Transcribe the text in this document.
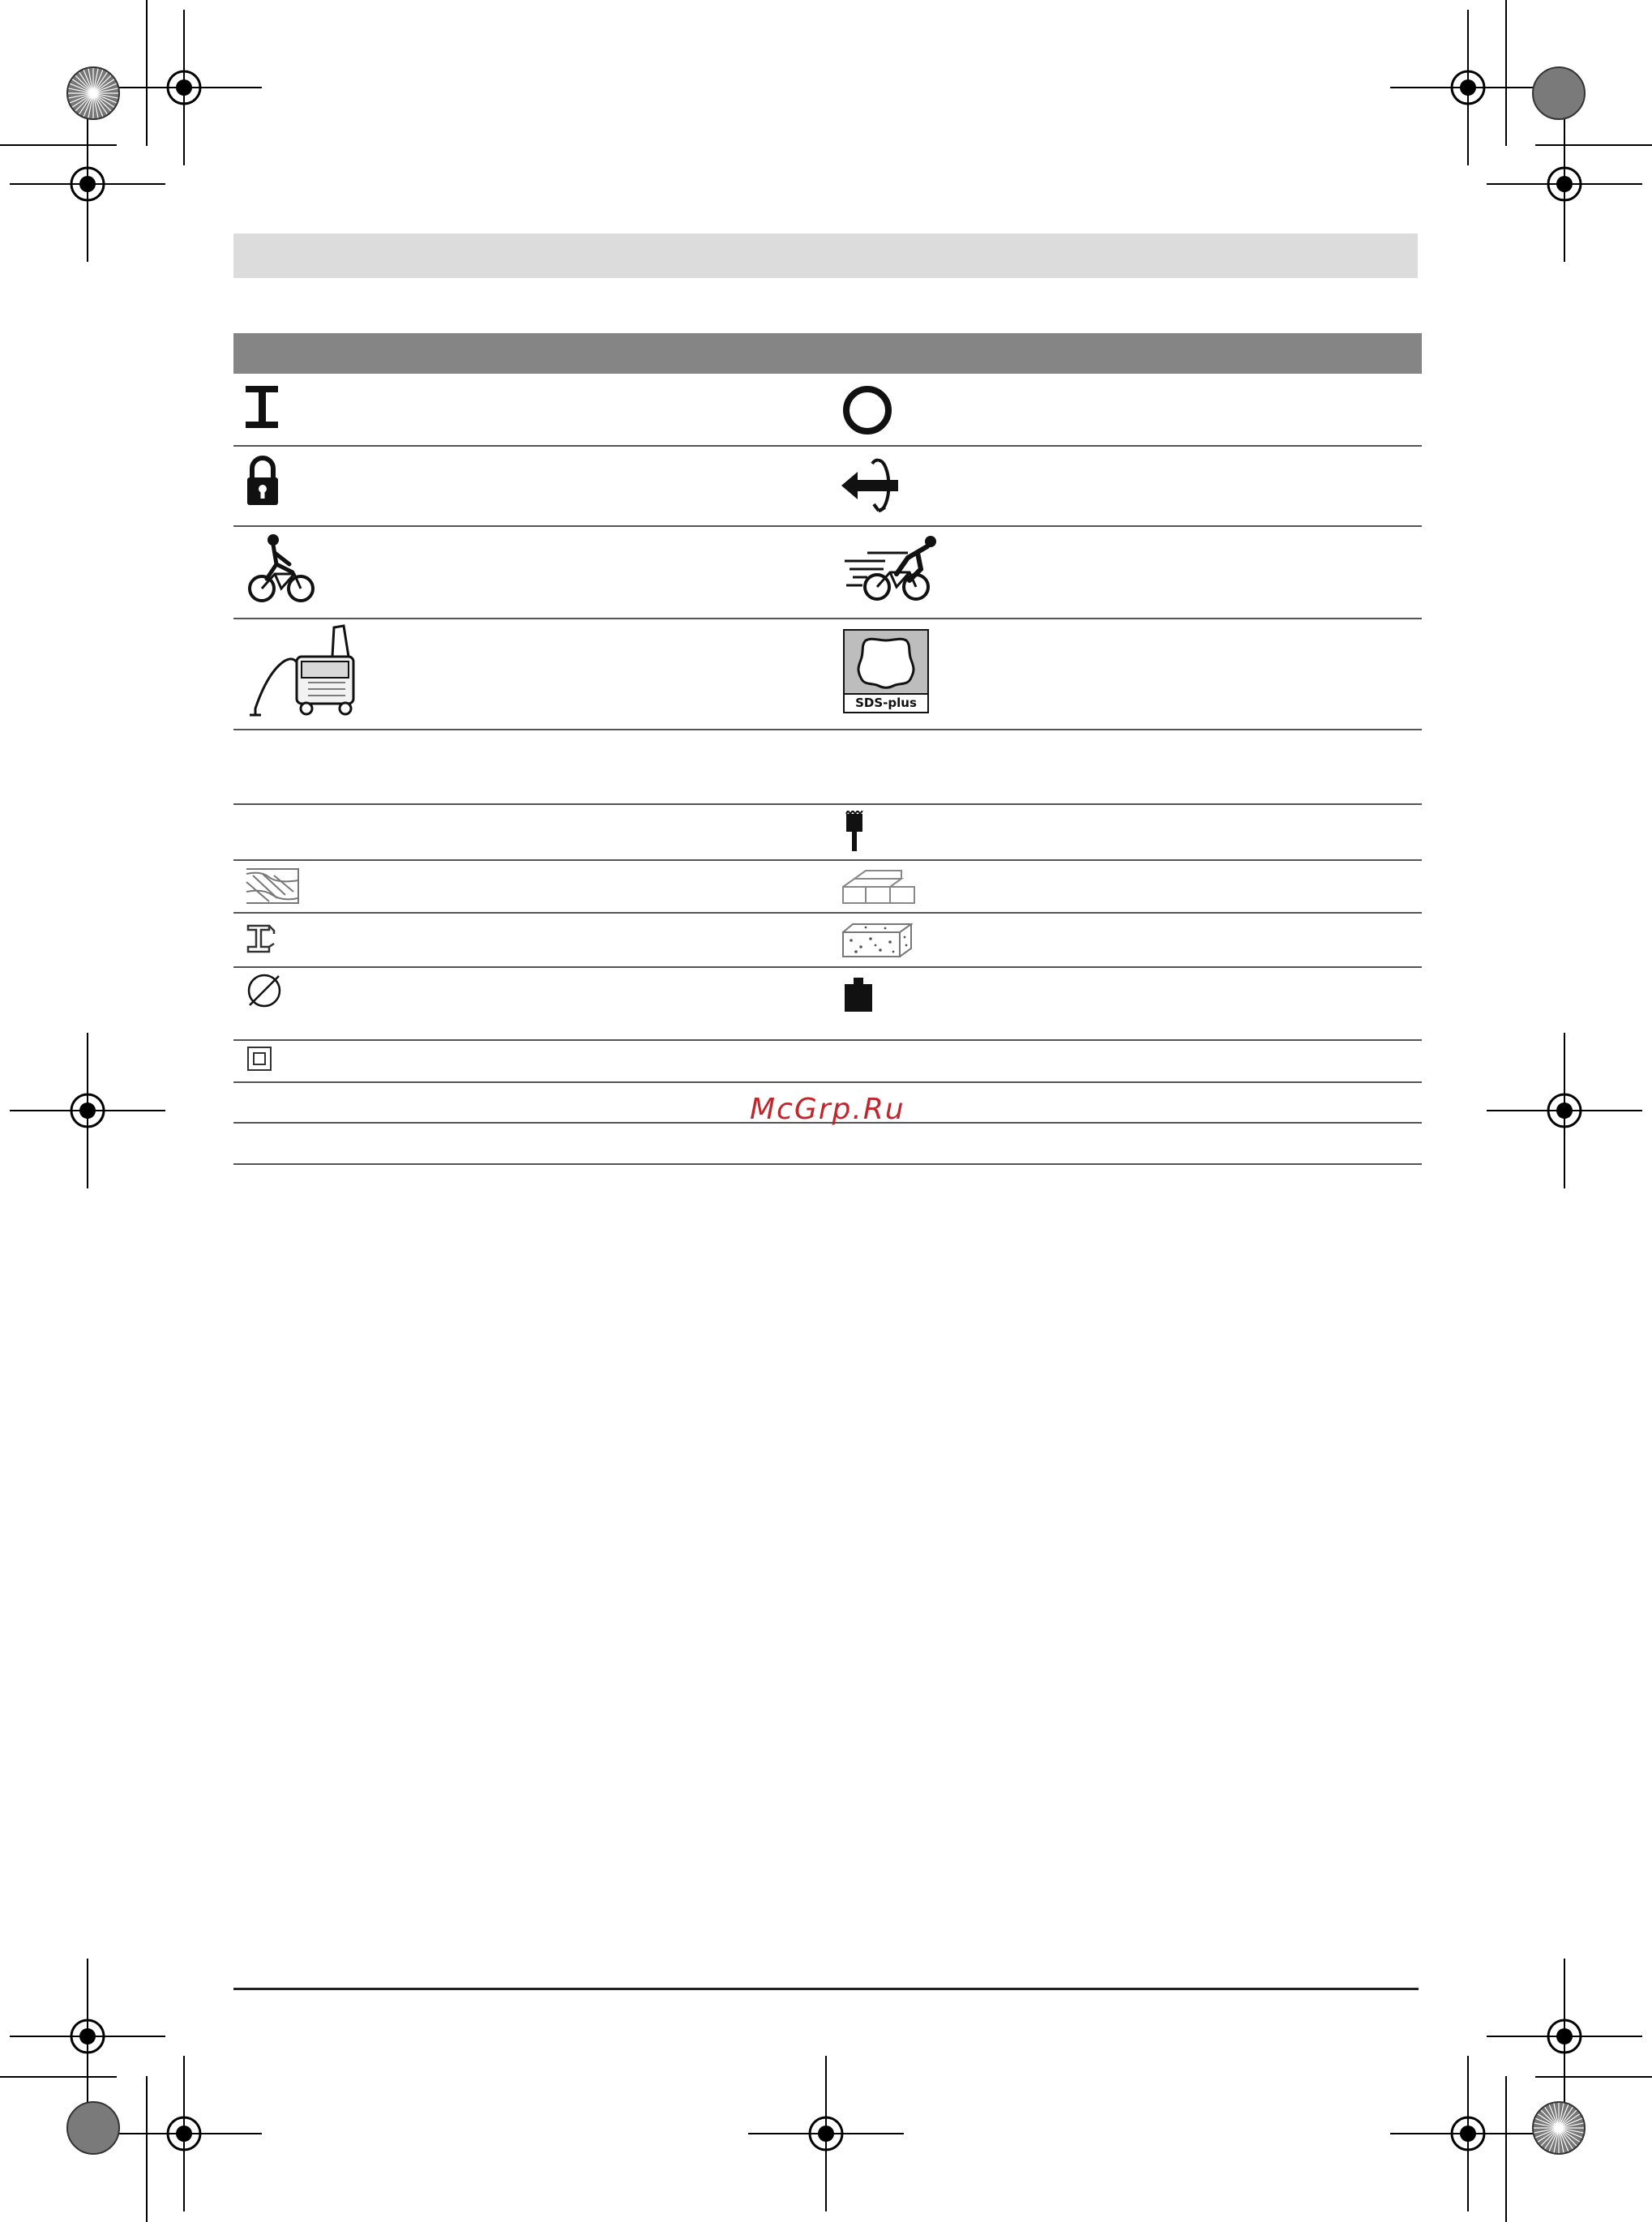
SDS-plus
McGrp.Ru
